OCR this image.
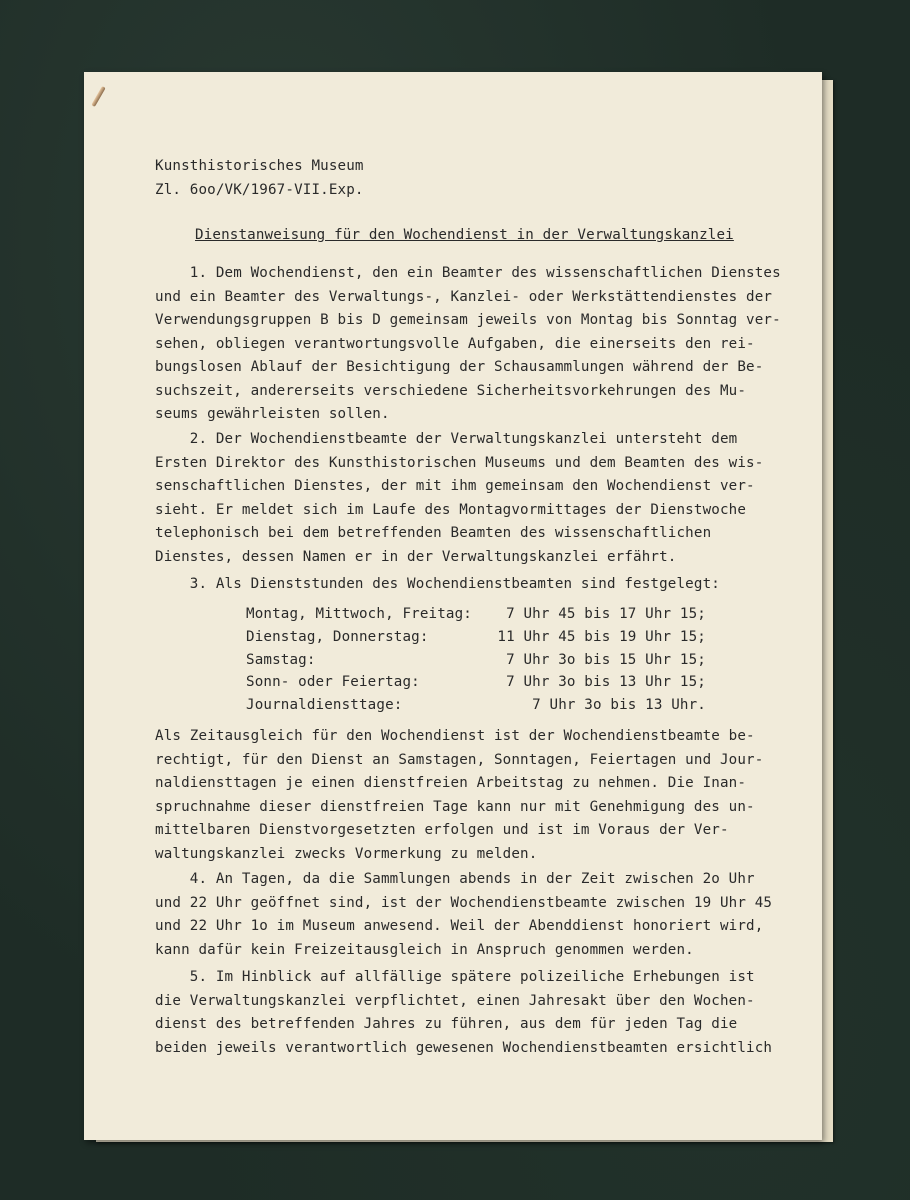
Kunsthistorisches Museum
Zl. 6oo/VK/1967-VII.Exp.
Dienstanweisung für den Wochendienst in der Verwaltungskanzlei
1. Dem Wochendienst, den ein Beamter des wissenschaftlichen Dienstes
und ein Beamter des Verwaltungs-, Kanzlei- oder Werkstättendienstes der
Verwendungsgruppen B bis D gemeinsam jeweils von Montag bis Sonntag ver-
sehen, obliegen verantwortungsvolle Aufgaben, die einerseits den rei-
bungslosen Ablauf der Besichtigung der Schausammlungen während der Be-
suchszeit, andererseits verschiedene Sicherheitsvorkehrungen des Mu-
seums gewährleisten sollen.
2. Der Wochendienstbeamte der Verwaltungskanzlei untersteht dem
Ersten Direktor des Kunsthistorischen Museums und dem Beamten des wis-
senschaftlichen Dienstes, der mit ihm gemeinsam den Wochendienst ver-
sieht. Er meldet sich im Laufe des Montagvormittages der Dienstwoche
telephonisch bei dem betreffenden Beamten des wissenschaftlichen
Dienstes, dessen Namen er in der Verwaltungskanzlei erfährt.
3. Als Dienststunden des Wochendienstbeamten sind festgelegt:
Montag, Mittwoch, Freitag: 7 Uhr 45 bis 17 Uhr 15;
Dienstag, Donnerstag:	11 Uhr 45 bis 19 Uhr 15;
Samstag:	7 Uhr 3o bis 15 Uhr 15;
Sonn- oder Feiertag:	7 Uhr 3o bis 13 Uhr 15;
Journaldiensttage:	7 Uhr 3o bis 13 Uhr.
Als Zeitausgleich für den Wochendienst ist der Wochendienstbeamte be-
rechtigt, für den Dienst an Samstagen, Sonntagen, Feiertagen und Jour-
naldiensttagen je einen dienstfreien Arbeitstag zu nehmen. Die Inan-
spruchnahme dieser dienstfreien Tage kann nur mit Genehmigung des un-
mittelbaren Dienstvorgesetzten erfolgen und ist im Voraus der Ver-
waltungskanzlei zwecks Vormerkung zu melden.
4. An Tagen, da die Sammlungen abends in der Zeit zwischen 2o Uhr
und 22 Uhr geöffnet sind, ist der Wochendienstbeamte zwischen 19 Uhr 45
und 22 Uhr 1o im Museum anwesend. Weil der Abenddienst honoriert wird,
kann dafür kein Freizeitausgleich in Anspruch genommen werden.
5. Im Hinblick auf allfällige spätere polizeiliche Erhebungen ist
die Verwaltungskanzlei verpflichtet, einen Jahresakt über den Wochen-
dienst des betreffenden Jahres zu führen, aus dem für jeden Tag die
beiden jeweils verantwortlich gewesenen Wochendienstbeamten ersichtlich
